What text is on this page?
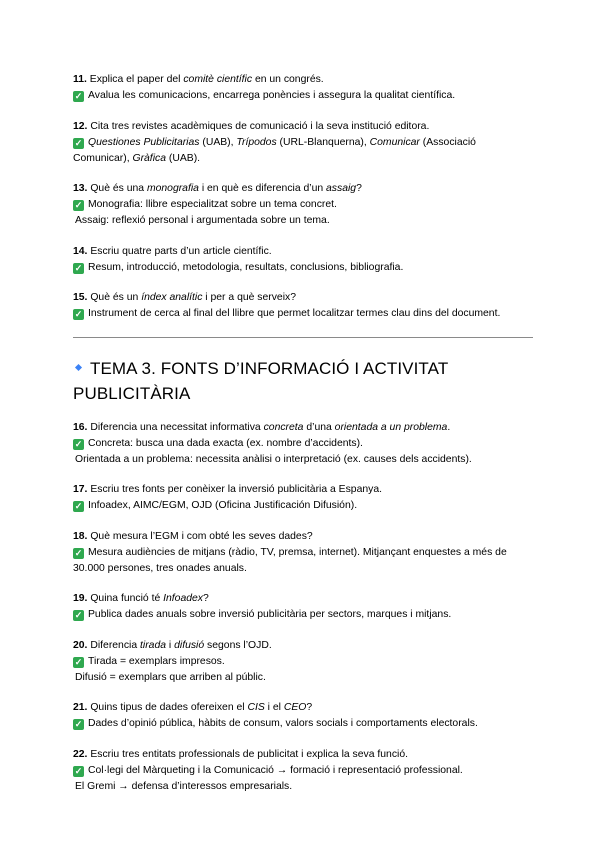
11. Explica el paper del comitè científic en un congrés.
✓ Avalua les comunicacions, encarrega ponències i assegura la qualitat científica.
12. Cita tres revistes acadèmiques de comunicació i la seva institució editora.
✓ Questiones Publicitarias (UAB), Trípodos (URL-Blanquerna), Comunicar (Associació Comunicar), Gràfica (UAB).
13. Què és una monografia i en què es diferencia d’un assaig?
✓ Monografia: llibre especialitzat sobre un tema concret.
Assaig: reflexió personal i argumentada sobre un tema.
14. Escriu quatre parts d’un article científic.
✓ Resum, introducció, metodologia, resultats, conclusions, bibliografia.
15. Què és un índex analític i per a què serveix?
✓ Instrument de cerca al final del llibre que permet localitzar termes clau dins del document.
TEMA 3. FONTS D’INFORMACIÓ I ACTIVITAT PUBLICITÀRIA
16. Diferencia una necessitat informativa concreta d’una orientada a un problema.
✓ Concreta: busca una dada exacta (ex. nombre d’accidents).
Orientada a un problema: necessita anàlisi o interpretació (ex. causes dels accidents).
17. Escriu tres fonts per conèixer la inversió publicitària a Espanya.
✓ Infoadex, AIMC/EGM, OJD (Oficina Justificación Difusión).
18. Què mesura l’EGM i com obté les seves dades?
✓ Mesura audiències de mitjans (ràdio, TV, premsa, internet). Mitjançant enquestes a més de 30.000 persones, tres onades anuals.
19. Quina funció té Infoadex?
✓ Publica dades anuals sobre inversió publicitària per sectors, marques i mitjans.
20. Diferencia tirada i difusió segons l’OJD.
✓ Tirada = exemplars impresos.
Difusió = exemplars que arriben al públic.
21. Quins tipus de dades ofereixen el CIS i el CEO?
✓ Dades d’opinió pública, hàbits de consum, valors socials i comportaments electorals.
22. Escriu tres entitats professionals de publicitat i explica la seva funció.
✓ Col·legi del Màrqueting i la Comunicació → formació i representació professional.
El Gremi → defensa d’interessos empresarials.
